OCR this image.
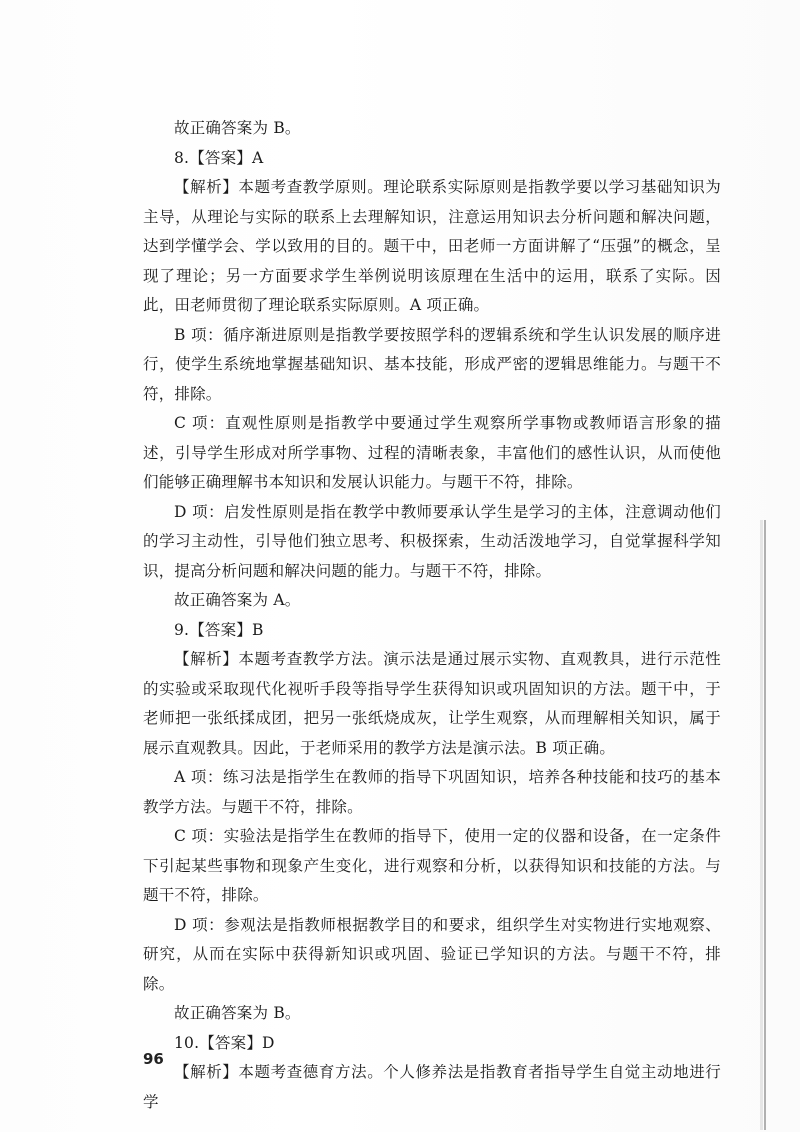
故正确答案为 B。

8.【答案】A

【解析】本题考查教学原则。理论联系实际原则是指教学要以学习基础知识为主导，从理论与实际的联系上去理解知识，注意运用知识去分析问题和解决问题，达到学懂学会、学以致用的目的。题干中，田老师一方面讲解了“压强”的概念，呈现了理论；另一方面要求学生举例说明该原理在生活中的运用，联系了实际。因此，田老师贯彻了理论联系实际原则。A 项正确。

B 项：循序渐进原则是指教学要按照学科的逻辑系统和学生认识发展的顺序进行，使学生系统地掌握基础知识、基本技能，形成严密的逻辑思维能力。与题干不符，排除。

C 项：直观性原则是指教学中要通过学生观察所学事物或教师语言形象的描述，引导学生形成对所学事物、过程的清晰表象，丰富他们的感性认识，从而使他们能够正确理解书本知识和发展认识能力。与题干不符，排除。

D 项：启发性原则是指在教学中教师要承认学生是学习的主体，注意调动他们的学习主动性，引导他们独立思考、积极探索，生动活泼地学习，自觉掌握科学知识，提高分析问题和解决问题的能力。与题干不符，排除。

故正确答案为 A。

9.【答案】B

【解析】本题考查教学方法。演示法是通过展示实物、直观教具，进行示范性的实验或采取现代化视听手段等指导学生获得知识或巩固知识的方法。题干中，于老师把一张纸揉成团，把另一张纸烧成灰，让学生观察，从而理解相关知识，属于展示直观教具。因此，于老师采用的教学方法是演示法。B 项正确。

A 项：练习法是指学生在教师的指导下巩固知识，培养各种技能和技巧的基本教学方法。与题干不符，排除。

C 项：实验法是指学生在教师的指导下，使用一定的仪器和设备，在一定条件下引起某些事物和现象产生变化，进行观察和分析，以获得知识和技能的方法。与题干不符，排除。

D 项：参观法是指教师根据教学目的和要求，组织学生对实物进行实地观察、研究，从而在实际中获得新知识或巩固、验证已学知识的方法。与题干不符，排除。

故正确答案为 B。

10.【答案】D

【解析】本题考查德育方法。个人修养法是指教育者指导学生自觉主动地进行学

96
